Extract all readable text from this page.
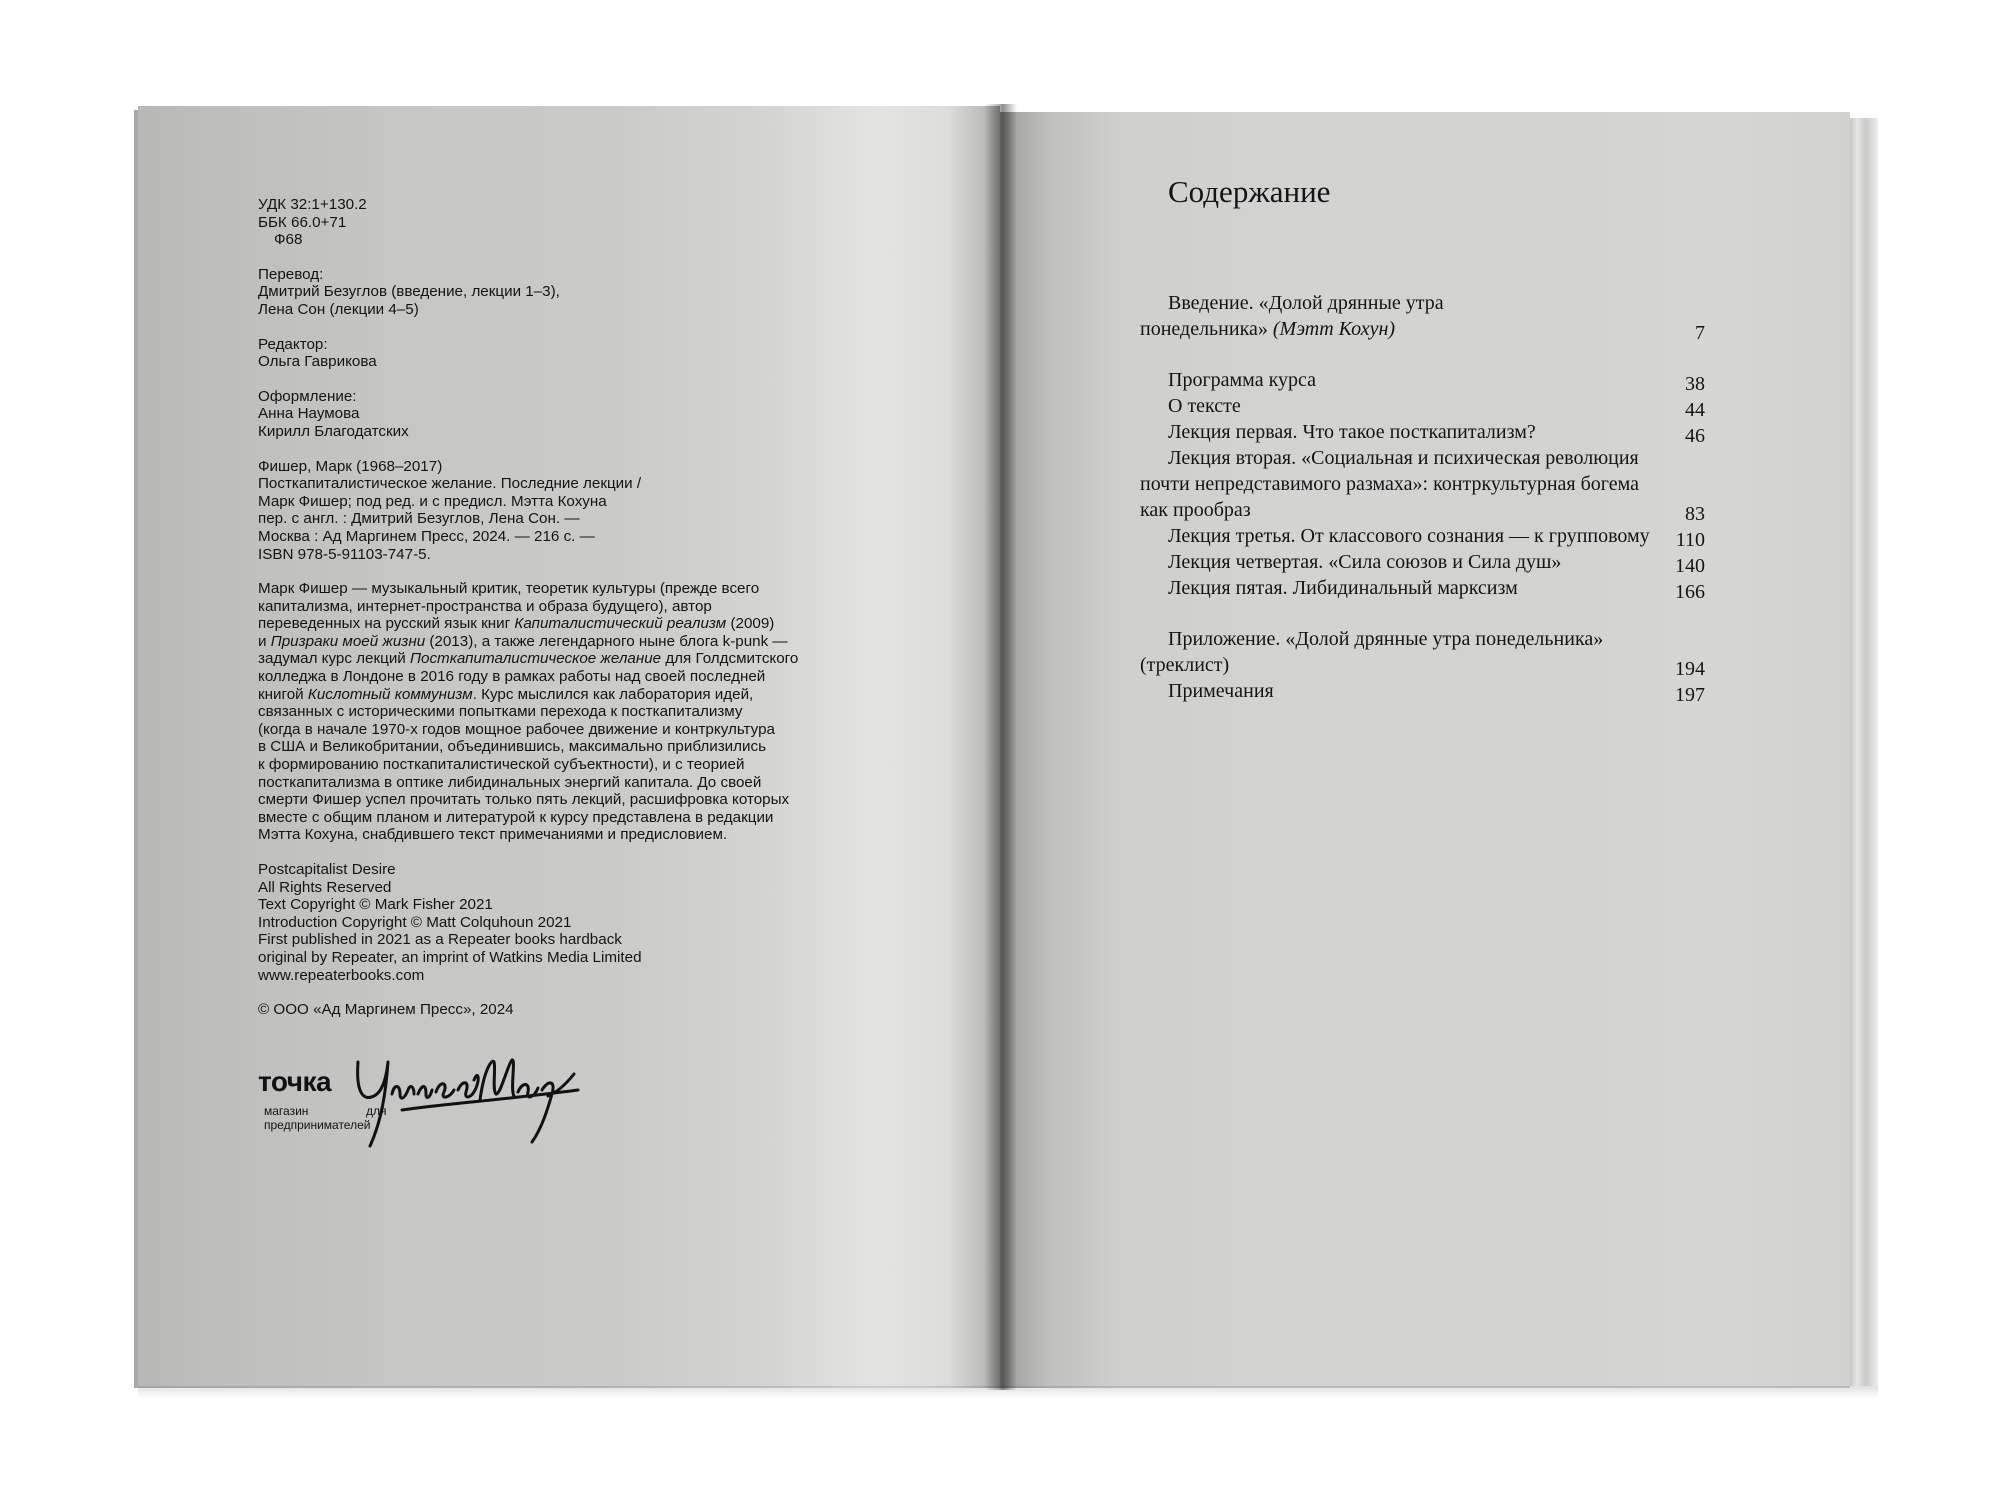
УДК 32:1+130.2
ББК 66.0+71
Ф68
Перевод:
Дмитрий Безуглов (введение, лекции 1–3),
Лена Сон (лекции 4–5)
Редактор:
Ольга Гаврикова
Оформление:
Анна Наумова
Кирилл Благодатских
Фишер, Марк (1968–2017)
Посткапиталистическое желание. Последние лекции /
Марк Фишер; под ред. и с предисл. Мэтта Кохуна
пер. с англ. : Дмитрий Безуглов, Лена Сон. —
Москва : Ад Маргинем Пресс, 2024. — 216 с. —
ISBN 978-5-91103-747-5.
Марк Фишер — музыкальный критик, теоретик культуры (прежде всего
капитализма, интернет-пространства и образа будущего), автор
переведенных на русский язык книг Капиталистический реализм (2009)
и Призраки моей жизни (2013), а также легендарного ныне блога k-punk —
задумал курс лекций Посткапиталистическое желание для Голдсмитского
колледжа в Лондоне в 2016 году в рамках работы над своей последней
книгой Кислотный коммунизм. Курс мыслился как лаборатория идей,
связанных с историческими попытками перехода к посткапитализму
(когда в начале 1970-х годов мощное рабочее движение и контркультура
в США и Великобритании, объединившись, максимально приблизились
к формированию посткапиталистической субъектности), и с теорией
посткапитализма в оптике либидинальных энергий капитала. До своей
смерти Фишер успел прочитать только пять лекций, расшифровка которых
вместе с общим планом и литературой к курсу представлена в редакции
Мэтта Кохуна, снабдившего текст примечаниями и предисловием.
Postcapitalist Desire
All Rights Reserved
Text Copyright © Mark Fisher 2021
Introduction Copyright © Matt Colquhoun 2021
First published in 2021 as a Repeater books hardback
original by Repeater, an imprint of Watkins Media Limited
www.repeaterbooks.com
© ООО «Ад Маргинем Пресс», 2024
точка
магазин	для
предпринимателей
Содержание
Введение. «Долой дрянные утра
понедельника» (Мэтт Кохун)	7
Программа курса	38
О тексте	44
Лекция первая. Что такое посткапитализм?	46
Лекция вторая. «Социальная и психическая революция
почти непредставимого размаха»: контркультурная богема
как прообраз	83
Лекция третья. От классового сознания — к групповому 110
Лекция четвертая. «Сила союзов и Сила душ»	140
Лекция пятая. Либидинальный марксизм	166
Приложение. «Долой дрянные утра понедельника»
(треклист)	194
Примечания	197
